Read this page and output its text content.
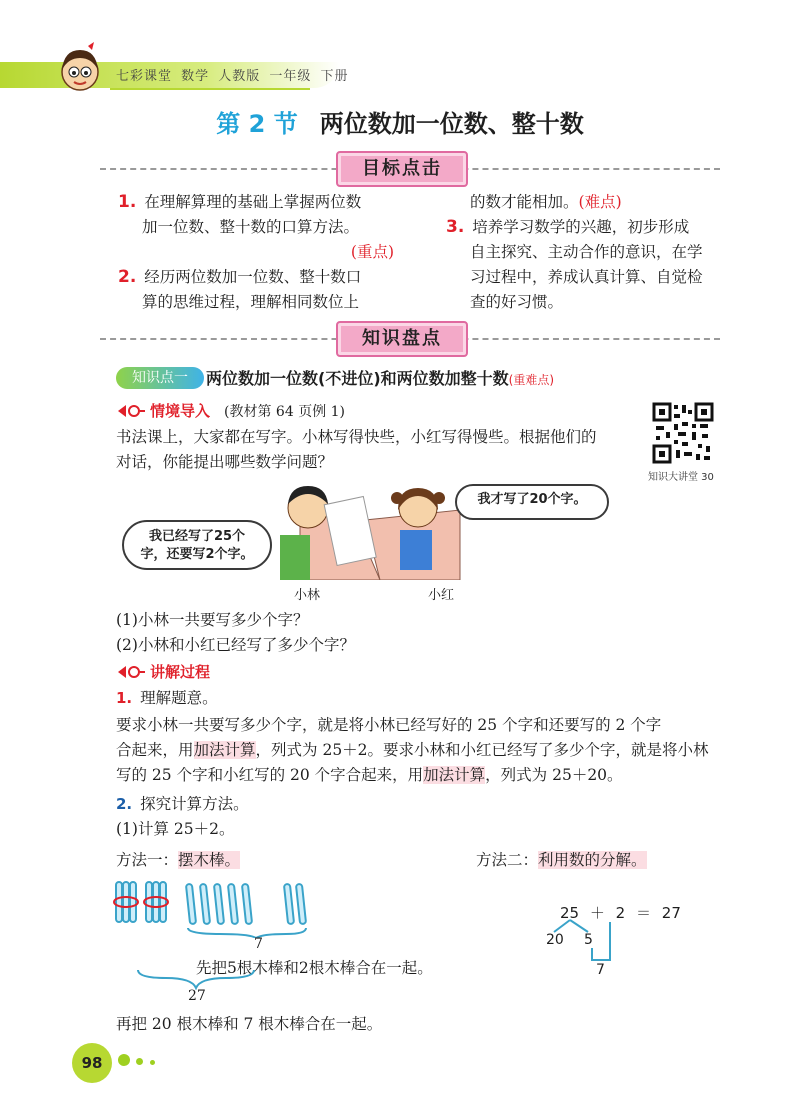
七彩课堂 数学 人教版 一年级 下册
第 2 节 两位数加一位数、整十数
目标点击
1. 在理解算理的基础上掌握两位数
加一位数、整十数的口算方法。
(重点)
2. 经历两位数加一位数、整十数口
算的思维过程，理解相同数位上
的数才能相加。(难点)
3. 培养学习数学的兴趣，初步形成
自主探究、主动合作的意识，在学
习过程中，养成认真计算、自觉检
查的好习惯。
知识盘点
知识点一	两位数加一位数(不进位)和两位数加整十数(重难点)
情境导入 (教材第 64 页例 1)
书法课上，大家都在写字。小林写得快些，小红写得慢些。根据他们的
对话，你能提出哪些数学问题？
知识大讲堂 30
我已经写了25个
字，还要写2个字。
我才写了20个字。
小林	小红
(1)小林一共要写多少个字？
(2)小林和小红已经写了多少个字？
讲解过程
1. 理解题意。
要求小林一共要写多少个字，就是将小林已经写好的 25 个字和还要写的 2 个字
合起来，用加法计算，列式为 25＋2。要求小林和小红已经写了多少个字，就是将小林
写的 25 个字和小红写的 20 个字合起来，用加法计算，列式为 25＋20。
2. 探究计算方法。
(1)计算 25＋2。
方法一：摆木棒。	方法二：利用数的分解。
7
先把5根木棒和2根木棒合在一起。
27
25 ＋ 2 ＝ 27
20 5
7
再把 20 根木棒和 7 根木棒合在一起。
98
